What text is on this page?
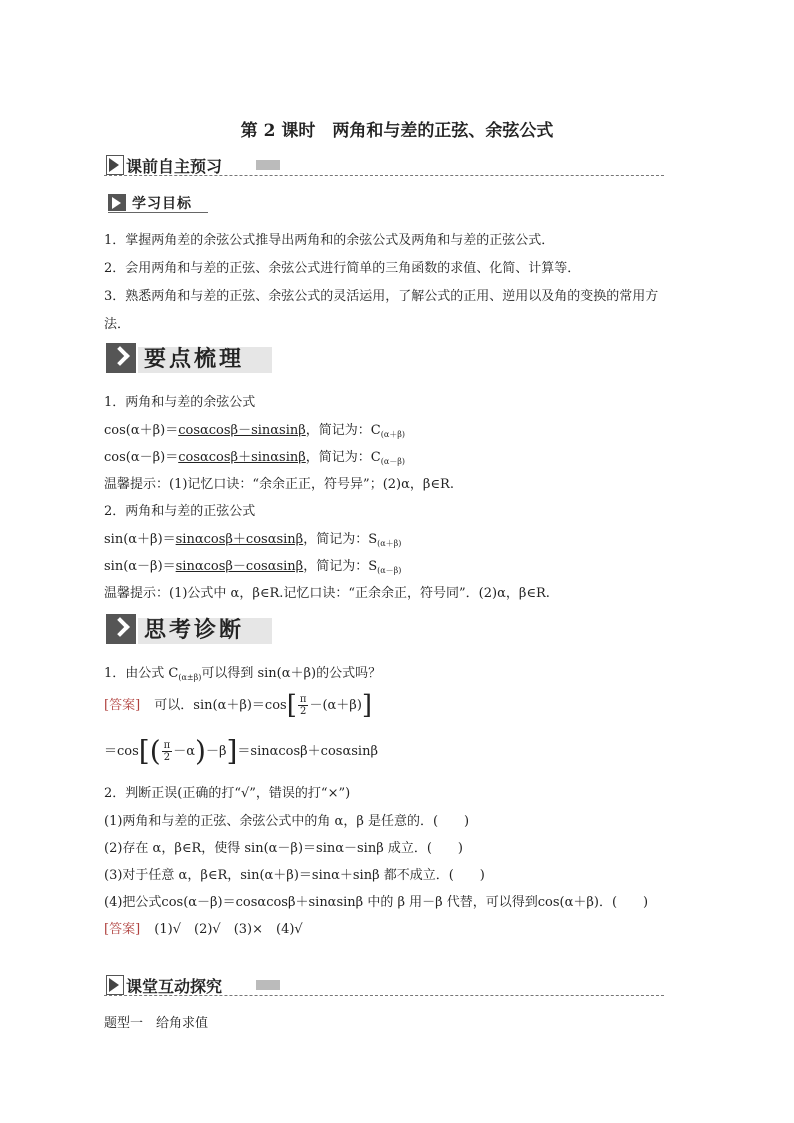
第 2 课时　两角和与差的正弦、余弦公式
课前自主预习
学习目标
1．掌握两角差的余弦公式推导出两角和的余弦公式及两角和与差的正弦公式．
2．会用两角和与差的正弦、余弦公式进行简单的三角函数的求值、化简、计算等．
3．熟悉两角和与差的正弦、余弦公式的灵活运用，了解公式的正用、逆用以及角的变换的常用方
法．
要点梳理
1．两角和与差的余弦公式
cos(α＋β)＝cosαcosβ－sinαsinβ，简记为：$C_{(\alpha+\beta)}$
cos(α－β)＝cosαcosβ＋sinαsinβ，简记为：$C_{(\alpha-\beta)}$
温馨提示：(1)记忆口诀：“余余正正，符号异”；(2)α，β∈R.
2．两角和与差的正弦公式
sin(α＋β)＝sinαcosβ＋cosαsinβ，简记为：$S_{(\alpha+\beta)}$
sin(α－β)＝sinαcosβ－cosαsinβ，简记为：$S_{(\alpha-\beta)}$
温馨提示：(1)公式中 α，β∈R.记忆口诀：“正余余正，符号同”．(2)α，β∈R.
思考诊断
1．由公式 $C_{(\alpha\pm\beta)}$可以得到 sin(α＋β)的公式吗？
[答案] 可以．$\sin(\alpha+\beta)=\cos[ \frac{\pi}{2} -(\alpha+\beta)]$
$=\cos[( \frac{\pi}{2} -\alpha)-\beta]=\sin\alpha\cos\beta+\cos\alpha\sin\beta$
2．判断正误(正确的打“√”，错误的打“×”)
(1)两角和与差的正弦、余弦公式中的角 α，β 是任意的．(　　)
(2)存在 α，β∈R，使得 sin(α－β)＝sinα－sinβ 成立．(　　)
(3)对于任意 α，β∈R，sin(α＋β)＝sinα＋sinβ 都不成立．(　　)
(4)把公式cos(α－β)＝cosαcosβ＋sinαsinβ 中的 β 用－β 代替，可以得到cos(α＋β)．(　　)
[答案] (1)√　(2)√　(3)×　(4)√
课堂互动探究
题型一　给角求值
